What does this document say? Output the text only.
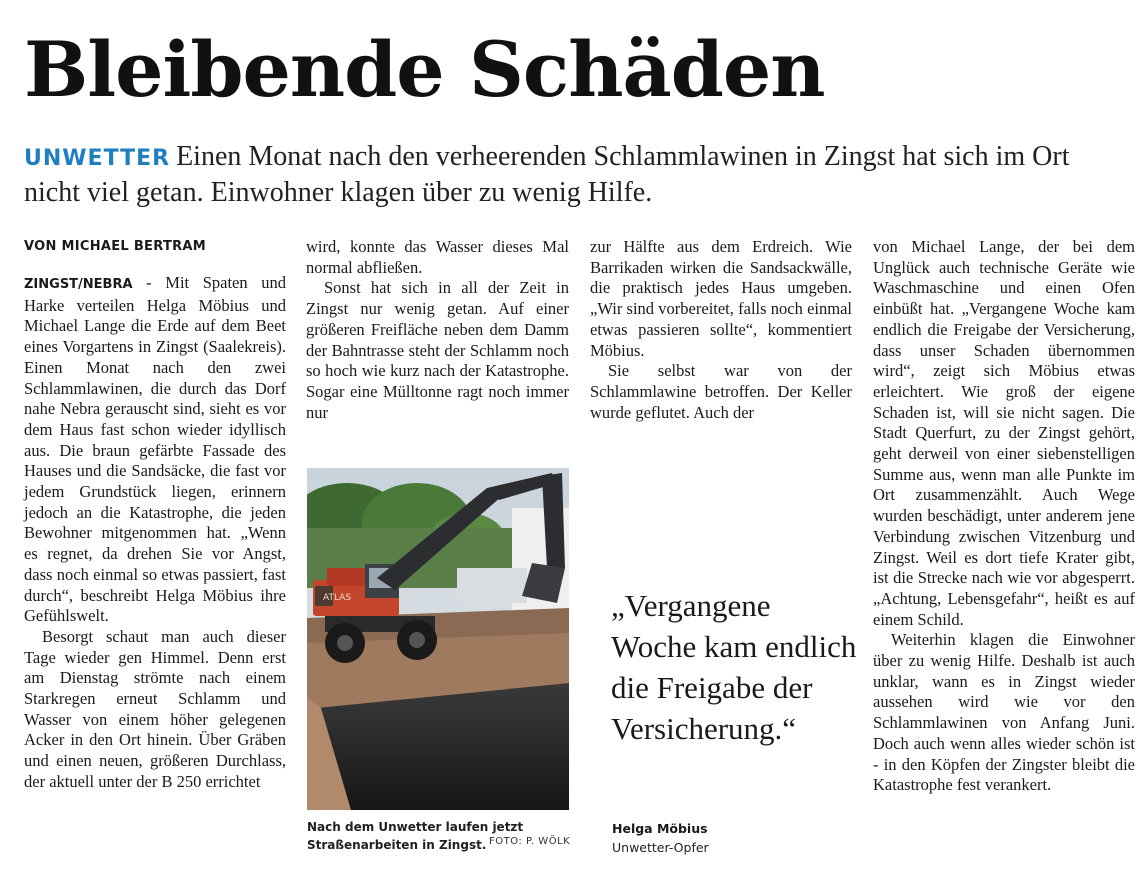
Bleibende Schäden
UNWETTER Einen Monat nach den verheerenden Schlammlawinen in Zingst hat sich im Ort nicht viel getan. Einwohner klagen über zu wenig Hilfe.
VON MICHAEL BERTRAM

ZINGST/NEBRA - Mit Spaten und Harke verteilen Helga Möbius und Michael Lange die Erde auf dem Beet eines Vorgartens in Zingst (Saalekreis). Einen Monat nach den zwei Schlammlawinen, die durch das Dorf nahe Nebra gerauscht sind, sieht es vor dem Haus fast schon wieder idyllisch aus. Die braun gefärbte Fassade des Hauses und die Sandsäcke, die fast vor jedem Grundstück liegen, erinnern jedoch an die Katastrophe, die jeden Bewohner mitgenommen hat. „Wenn es regnet, da drehen Sie vor Angst, dass noch einmal so etwas passiert, fast durch“, beschreibt Helga Möbius ihre Gefühlswelt.

Besorgt schaut man auch dieser Tage wieder gen Himmel. Denn erst am Dienstag strömte nach einem Starkregen erneut Schlamm und Wasser von einem höher gelegenen Acker in den Ort hinein. Über Gräben und einen neuen, größeren Durchlass, der aktuell unter der B 250 errichtet

wird, konnte das Wasser dieses Mal normal abfließen.

Sonst hat sich in all der Zeit in Zingst nur wenig getan. Auf einer größeren Freifläche neben dem Damm der Bahntrasse steht der Schlamm noch so hoch wie kurz nach der Katastrophe. Sogar eine Mülltonne ragt noch immer nur

ATLAS
Nach dem Unwetter laufen jetzt Straßenarbeiten in Zingst. FOTO: P. WÖLK

zur Hälfte aus dem Erdreich. Wie Barrikaden wirken die Sandsackwälle, die praktisch jedes Haus umgeben. „Wir sind vorbereitet, falls noch einmal etwas passieren sollte“, kommentiert Möbius.

Sie selbst war von der Schlammlawine betroffen. Der Keller wurde geflutet. Auch der

„Vergangene Woche kam endlich die Freigabe der Versicherung.“
Helga Möbius
Unwetter-Opfer

von Michael Lange, der bei dem Unglück auch technische Geräte wie Waschmaschine und einen Ofen einbüßt hat. „Vergangene Woche kam endlich die Freigabe der Versicherung, dass unser Schaden übernommen wird“, zeigt sich Möbius etwas erleichtert. Wie groß der eigene Schaden ist, will sie nicht sagen. Die Stadt Querfurt, zu der Zingst gehört, geht derweil von einer siebenstelligen Summe aus, wenn man alle Punkte im Ort zusammenzählt. Auch Wege wurden beschädigt, unter anderem jene Verbindung zwischen Vitzenburg und Zingst. Weil es dort tiefe Krater gibt, ist die Strecke nach wie vor abgesperrt. „Achtung, Lebensgefahr“, heißt es auf einem Schild.

Weiterhin klagen die Einwohner über zu wenig Hilfe. Deshalb ist auch unklar, wann es in Zingst wieder aussehen wird wie vor den Schlammlawinen von Anfang Juni. Doch auch wenn alles wieder schön ist - in den Köpfen der Zingster bleibt die Katastrophe fest verankert.
